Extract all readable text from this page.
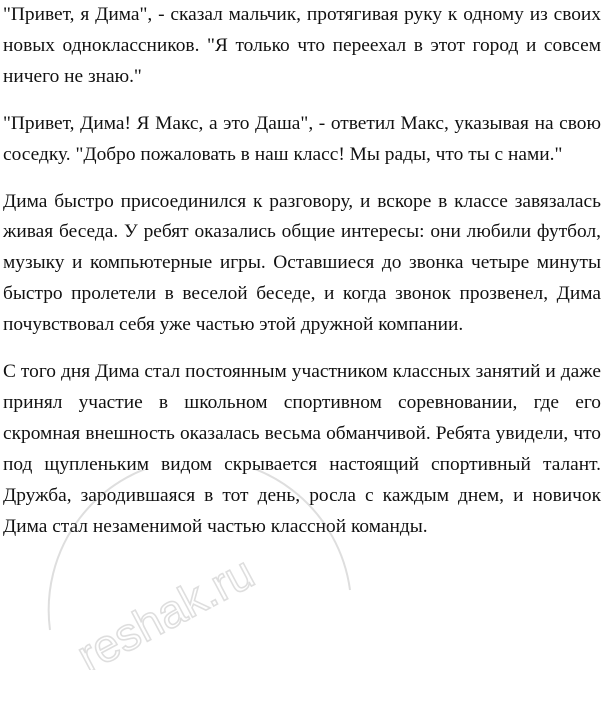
"Привет, я Дима", - сказал мальчик, протягивая руку к одному из своих новых одноклассников. "Я только что переехал в этот город и совсем ничего не знаю."

"Привет, Дима! Я Макс, а это Даша", - ответил Макс, указывая на свою соседку. "Добро пожаловать в наш класс! Мы рады, что ты с нами."

Дима быстро присоединился к разговору, и вскоре в классе завязалась живая беседа. У ребят оказались общие интересы: они любили футбол, музыку и компьютерные игры. Оставшиеся до звонка четыре минуты быстро пролетели в веселой беседе, и когда звонок прозвенел, Дима почувствовал себя уже частью этой дружной компании.

С того дня Дима стал постоянным участником классных занятий и даже принял участие в школьном спортивном соревновании, где его скромная внешность оказалась весьма обманчивой. Ребята увидели, что под щупленьким видом скрывается настоящий спортивный талант. Дружба, зародившаяся в тот день, росла с каждым днем, и новичок Дима стал незаменимой частью классной команды.

reshak.ru
